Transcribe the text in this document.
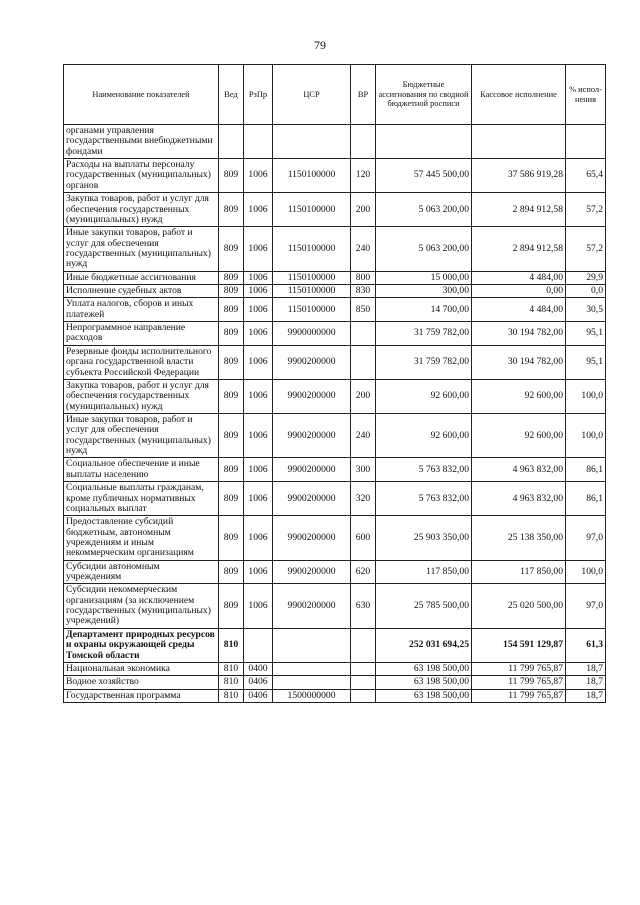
79
Наименование показателей	Вед	РзПр	ЦСР	ВР	Бюджетные ассигнования по сводной бюджетной росписи	Кассовое исполнение	% испол-нения
органами управления государственными внебюджетными фондами							
Расходы на выплаты персоналу государственных (муниципальных) органов	809	1006	1150100000	120	57 445 500,00	37 586 919,28	65,4
Закупка товаров, работ и услуг для обеспечения государственных (муниципальных) нужд	809	1006	1150100000	200	5 063 200,00	2 894 912,58	57,2
Иные закупки товаров, работ и услуг для обеспечения государственных (муниципальных) нужд	809	1006	1150100000	240	5 063 200,00	2 894 912,58	57,2
Иные бюджетные ассигнования	809	1006	1150100000	800	15 000,00	4 484,00	29,9
Исполнение судебных актов	809	1006	1150100000	830	300,00	0,00	0,0
Уплата налогов, сборов и иных платежей	809	1006	1150100000	850	14 700,00	4 484,00	30,5
Непрограммное направление расходов	809	1006	9900000000		31 759 782,00	30 194 782,00	95,1
Резервные фонды исполнительного органа государственной власти субъекта Российской Федерации	809	1006	9900200000		31 759 782,00	30 194 782,00	95,1
Закупка товаров, работ и услуг для обеспечения государственных (муниципальных) нужд	809	1006	9900200000	200	92 600,00	92 600,00	100,0
Иные закупки товаров, работ и услуг для обеспечения государственных (муниципальных) нужд	809	1006	9900200000	240	92 600,00	92 600,00	100,0
Социальное обеспечение и иные выплаты населению	809	1006	9900200000	300	5 763 832,00	4 963 832,00	86,1
Социальные выплаты гражданам, кроме публичных нормативных социальных выплат	809	1006	9900200000	320	5 763 832,00	4 963 832,00	86,1
Предоставление субсидий бюджетным, автономным учреждениям и иным некоммерческим организациям	809	1006	9900200000	600	25 903 350,00	25 138 350,00	97,0
Субсидии автономным учреждениям	809	1006	9900200000	620	117 850,00	117 850,00	100,0
Субсидии некоммерческим организациям (за исключением государственных (муниципальных) учреждений)	809	1006	9900200000	630	25 785 500,00	25 020 500,00	97,0
Департамент природных ресурсов и охраны окружающей среды Томской области	810				252 031 694,25	154 591 129,87	61,3
Национальная экономика	810	0400			63 198 500,00	11 799 765,87	18,7
Водное хозяйство	810	0406			63 198 500,00	11 799 765,87	18,7
Государственная программа	810	0406	1500000000		63 198 500,00	11 799 765,87	18,7
